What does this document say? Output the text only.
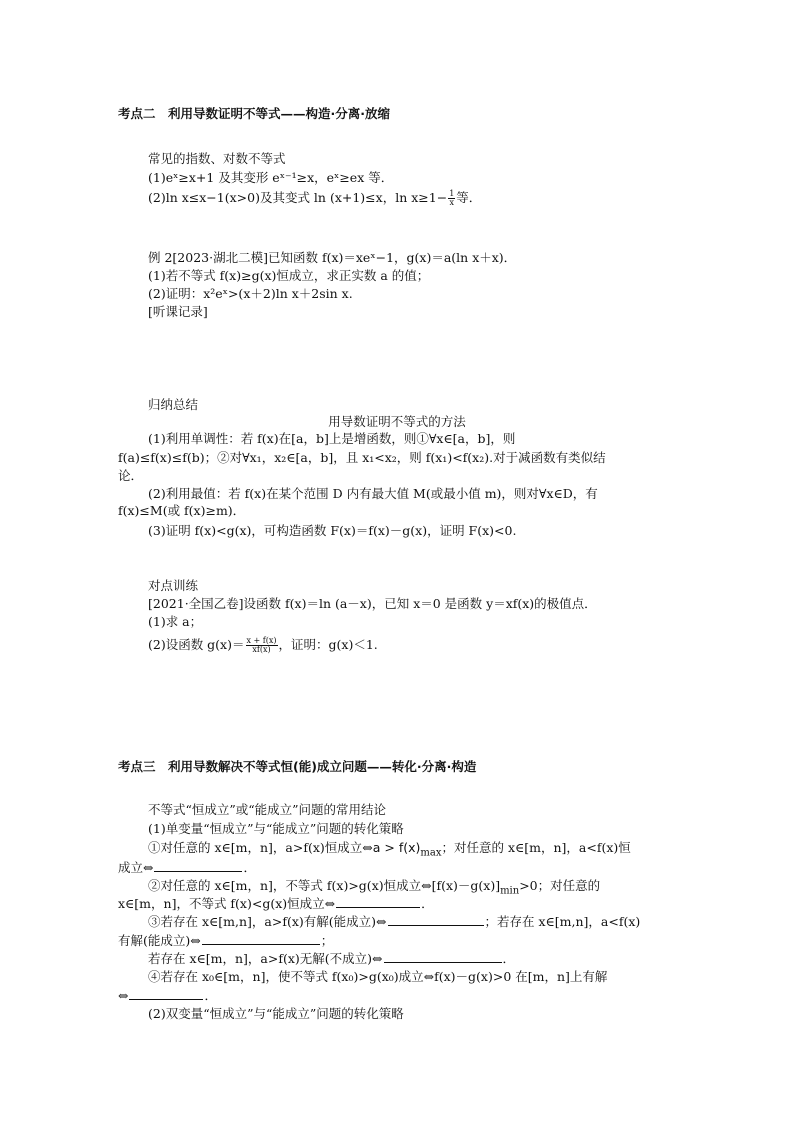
考点二　利用导数证明不等式——构造·分离·放缩
常见的指数、对数不等式
(1)eˣ≥x+1 及其变形 eˣ⁻¹≥x，eˣ≥ex 等．
(2)ln x≤x−1(x>0)及其变式 ln (x+1)≤x，$\ln x\ge 1- \frac{1}{x}$ 等．
例 2[2023·湖北二模]已知函数 f(x)＝xeˣ−1，g(x)＝a(ln x＋x)．
(1)若不等式 f(x)≥g(x)恒成立，求正实数 a 的值；
(2)证明：x²eˣ>(x＋2)ln x＋2sin x.
[听课记录]
归纳总结
用导数证明不等式的方法
(1)利用单调性：若 f(x)在[a，b]上是增函数，则①∀x∈[a，b]，则
f(a)≤f(x)≤f(b)；②对∀x₁，x₂∈[a，b]，且 x₁<x₂，则 f(x₁)<f(x₂).对于减函数有类似结
论．
(2)利用最值：若 f(x)在某个范围 D 内有最大值 M(或最小值 m)，则对∀x∈D，有
f(x)≤M(或 f(x)≥m)．
(3)证明 f(x)<g(x)，可构造函数 F(x)＝f(x)－g(x)，证明 F(x)<0.
对点训练
[2021·全国乙卷]设函数 f(x)＝ln (a－x)，已知 x＝0 是函数 y＝xf(x)的极值点．
(1)求 a；
(2)设函数 $g(x)= \frac{x + f(x)}{xf(x)}$ ，证明：g(x)＜1.
考点三　利用导数解决不等式恒(能)成立问题——转化·分离·构造
不等式“恒成立”或“能成立”问题的常用结论
(1)单变量“恒成立”与“能成立”问题的转化策略
①对任意的 x∈[m，n]，a>f(x)恒成立⇔a > $f(x)_{max}$；对任意的 x∈[m，n]，a<f(x)恒
成立⇔	．
②对任意的 x∈[m，n]，不等式 f(x)>g(x)恒成立$\Leftrightarrow[f(x)-g(x)]_{min}>0$；对任意的
x∈[m，n]，不等式 f(x)<g(x)恒成立⇔	．
③若存在 x∈[m,n]，a>f(x)有解(能成立)⇔	；若存在 x∈[m,n]，a<f(x)
有解(能成立)⇔	；
若存在 x∈[m，n]，a>f(x)无解(不成立)⇔	．
④若存在 x₀∈[m，n]，使不等式 f(x₀)>g(x₀)成立⇔f(x)－g(x)>0 在[m，n]上有解
⇔	．
(2)双变量“恒成立”与“能成立”问题的转化策略
